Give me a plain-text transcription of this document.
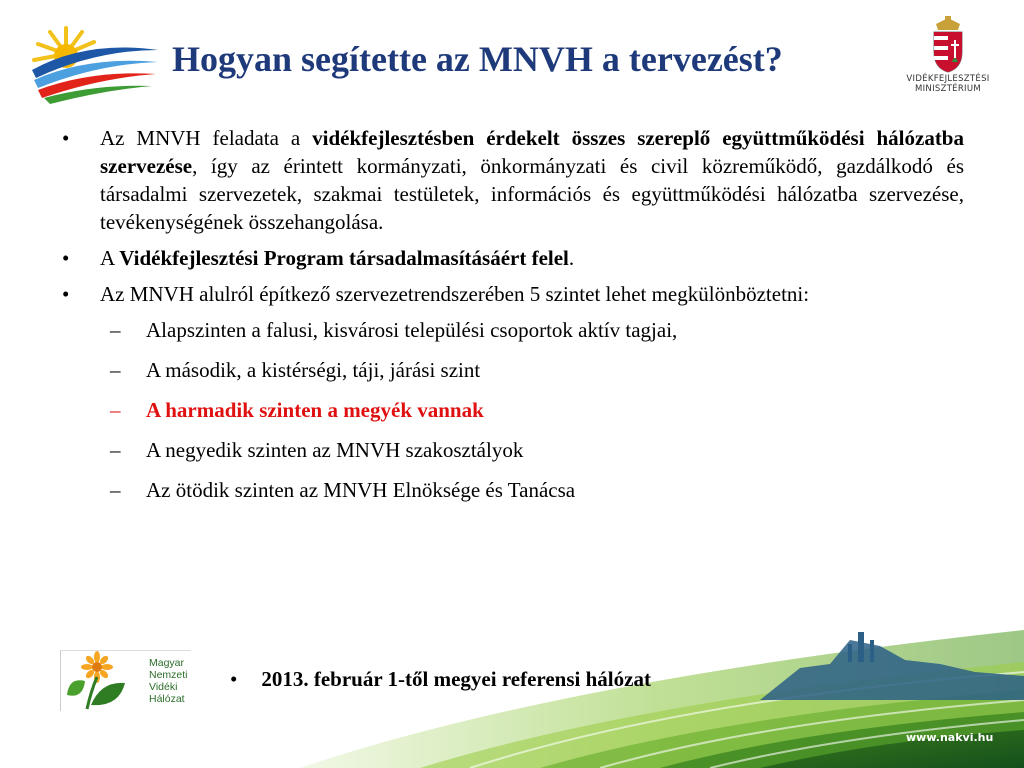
Hogyan segítette az MNVH a tervezést?	VIDÉKFEJLESZTÉSI
MINISZTÉRIUM
• Az MNVH feladata a vidékfejlesztésben érdekelt összes szereplő együttműködési hálózatba szervezése, így az érintett kormányzati, önkormányzati és civil közreműködő, gazdálkodó és társadalmi szervezetek, szakmai testületek, információs és együttműködési hálózatba szervezése, tevékenységének összehangolása.
• A Vidékfejlesztési Program társadalmasításáért felel.
• Az MNVH alulról építkező szervezetrendszerében 5 szintet lehet megkülönböztetni:
– Alapszinten a falusi, kisvárosi települési csoportok aktív tagjai,
– A második, a kistérségi, táji, járási szint
– A harmadik szinten a megyék vannak
– A negyedik szinten az MNVH szakosztályok
– Az ötödik szinten az MNVH Elnöksége és Tanácsa
Magyar
Nemzeti
Vidéki
Hálózat
• 2013. február 1-től megyei referensi hálózat
www.nakvi.hu
